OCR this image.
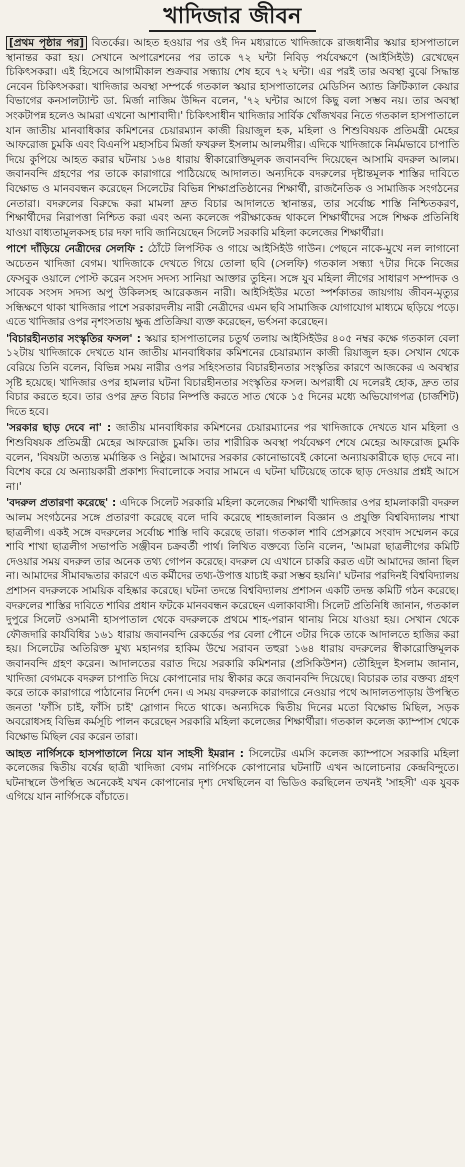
খাদিজার জীবন

[প্রথম পৃষ্ঠার পর] বিতর্কের। আহত হওয়ার পর ওই দিন মধ্যরাতে খাদিজাকে রাজধানীর স্কয়ার হাসপাতালে স্থানান্তর করা হয়। সেখানে অপারেশনের পর তাকে ৭২ ঘন্টা নিবিড় পর্যবেক্ষণে (আইসিইউ) রেখেছেন চিকিৎসকরা। এই হিসেবে আগামীকাল শুক্রবার সন্ধ্যায় শেষ হবে ৭২ ঘন্টা। এর পরই তার অবস্থা বুঝে সিদ্ধান্ত নেবেন চিকিৎসকরা। খাদিজার অবস্থা সম্পর্কে গতকাল স্কয়ার হাসপাতালের মেডিসিন অ্যান্ড ক্রিটিক্যাল কেয়ার বিভাগের কনসালট্যান্ট ডা. মির্জা নাজিম উদ্দিন বলেন, '৭২ ঘন্টার আগে কিছু বলা সম্ভব নয়। তার অবস্থা সংকটাপন্ন হলেও আমরা এখনো আশাবাদী।' চিকিৎসাধীন খাদিজার সার্বিক খোঁজখবর নিতে গতকাল হাসপাতালে যান জাতীয় মানবাধিকার কমিশনের চেয়ারম্যান কাজী রিয়াজুল হক, মহিলা ও শিশুবিষয়ক প্রতিমন্ত্রী মেহের আফরোজ চুমকি এবং বিএনপি মহাসচিব মির্জা ফখরুল ইসলাম আলমগীর। এদিকে খাদিজাকে নির্মমভাবে চাপাতি দিয়ে কুপিয়ে আহত করার ঘটনায় ১৬৪ ধারায় স্বীকারোক্তিমূলক জবানবন্দি দিয়েছেন আসামি বদরুল আলম। জবানবন্দি গ্রহণের পর তাকে কারাগারে পাঠিয়েছে আদালত। অন্যদিকে বদরুলের দৃষ্টান্তমূলক শাস্তির দাবিতে বিক্ষোভ ও মানববন্ধন করেছেন সিলেটের বিভিন্ন শিক্ষাপ্রতিষ্ঠানের শিক্ষার্থী, রাজনৈতিক ও সামাজিক সংগঠনের নেতারা। বদরুলের বিরুদ্ধে করা মামলা দ্রুত বিচার আদালতে স্থানান্তর, তার সর্বোচ্চ শাস্তি নিশ্চিতকরণ, শিক্ষার্থীদের নিরাপত্তা নিশ্চিত করা এবং অন্য কলেজে পরীক্ষাকেন্দ্র থাকলে শিক্ষার্থীদের সঙ্গে শিক্ষক প্রতিনিধি যাওয়া বাধ্যতামূলকসহ চার দফা দাবি জানিয়েছেন সিলেট সরকারি মহিলা কলেজের শিক্ষার্থীরা।

পাশে দাঁড়িয়ে নেত্রীদের সেলফি : ঠোঁটে লিপস্টিক ও গায়ে আইসিইউ গাউন। পেছনে নাকে-মুখে নল লাগানো অচেতন খাদিজা বেগম। খাদিজাকে দেখতে গিয়ে তোলা ছবি (সেলফি) গতকাল সন্ধ্যা ৭টার দিকে নিজের ফেসবুক ওয়ালে পোস্ট করেন সংসদ সদস্য সানিয়া আক্তার তুহিন। সঙ্গে যুব মহিলা লীগের সাধারণ সম্পাদক ও সাবেক সংসদ সদস্য অপু উকিলসহ আরেকজন নারী। আইসিইউর মতো স্পর্শকাতর জায়গায় জীবন-মৃত্যুর সন্ধিক্ষণে থাকা খাদিজার পাশে সরকারদলীয় নারী নেত্রীদের এমন ছবি সামাজিক যোগাযোগ মাধ্যমে ছড়িয়ে পড়ে। এতে খাদিজার ওপর নৃশংসতায় ক্ষুব্ধ প্রতিক্রিয়া ব্যক্ত করেছেন, ভর্ৎসনা করেছেন।

'বিচারহীনতার সংস্কৃতির ফসল' : স্কয়ার হাসপাতালের চতুর্থ তলায় আইসিইউর ৪০৫ নম্বর কক্ষে গতকাল বেলা ১২টায় খাদিজাকে দেখতে যান জাতীয় মানবাধিকার কমিশনের চেয়ারম্যান কাজী রিয়াজুল হক। সেখান থেকে বেরিয়ে তিনি বলেন, বিভিন্ন সময় নারীর ওপর সহিংসতার বিচারহীনতার সংস্কৃতির কারণে আজকের এ অবস্থার সৃষ্টি হয়েছে। খাদিজার ওপর হামলার ঘটনা বিচারহীনতার সংস্কৃতির ফসল। অপরাধী যে দলেরই হোক, দ্রুত তার বিচার করতে হবে। তার ওপর দ্রুত বিচার নিষ্পত্তি করতে সাত থেকে ১৫ দিনের মধ্যে অভিযোগপত্র (চার্জশিট) দিতে হবে।

'সরকার ছাড় দেবে না' : জাতীয় মানবাধিকার কমিশনের চেয়ারম্যানের পর খাদিজাকে দেখতে যান মহিলা ও শিশুবিষয়ক প্রতিমন্ত্রী মেহের আফরোজ চুমকি। তার শারীরিক অবস্থা পর্যবেক্ষণ শেষে মেহের আফরোজ চুমকি বলেন, 'বিষয়টা অত্যন্ত মর্মান্তিক ও নিষ্ঠুর। আমাদের সরকার কোনোভাবেই কোনো অন্যায়কারীকে ছাড় দেবে না। বিশেষ করে যে অন্যায়কারী প্রকাশ্য দিবালোকে সবার সামনে এ ঘটনা ঘটিয়েছে তাকে ছাড় দেওয়ার প্রশ্নই আসে না।'

'বদরুল প্রতারণা করেছে' : এদিকে সিলেট সরকারি মহিলা কলেজের শিক্ষার্থী খাদিজার ওপর হামলাকারী বদরুল আলম সংগঠনের সঙ্গে প্রতারণা করেছে বলে দাবি করেছে শাহজালাল বিজ্ঞান ও প্রযুক্তি বিশ্ববিদ্যালয় শাখা ছাত্রলীগ। একই সঙ্গে বদরুলের সর্বোচ্চ শাস্তি দাবি করেছে তারা। গতকাল শাবি প্রেসক্লাবে সংবাদ সম্মেলন করে শাবি শাখা ছাত্রলীগ সভাপতি সঞ্জীবন চক্রবর্তী পার্থ। লিখিত বক্তব্যে তিনি বলেন, 'আমরা ছাত্রলীগের কমিটি দেওয়ার সময় বদরুল তার অনেক তথ্য গোপন করেছে। বদরুল যে এখানে চাকরি করত এটা আমাদের জানা ছিল না। আমাদের সীমাবদ্ধতার কারণে এত কর্মীদের তথ্য-উপাত্ত যাচাই করা সম্ভব হয়নি।' ঘটনার পরদিনই বিশ্ববিদ্যালয় প্রশাসন বদরুলকে সাময়িক বহিষ্কার করেছে। ঘটনা তদন্তে বিশ্ববিদ্যালয় প্রশাসন একটি তদন্ত কমিটি গঠন করেছে। বদরুলের শাস্তির দাবিতে শাবির প্রধান ফটকে মানববন্ধন করেছেন এলাকাবাসী। সিলেট প্রতিনিধি জানান, গতকাল দুপুরে সিলেট ওসমানী হাসপাতাল থেকে বদরুলকে প্রথমে শাহ-পরান থানায় নিয়ে যাওয়া হয়। সেখান থেকে ফৌজদারি কার্যবিধির ১৬১ ধারায় জবানবন্দি রেকর্ডের পর বেলা পৌনে ৩টার দিকে তাকে আদালতে হাজির করা হয়। সিলেটের অতিরিক্ত মুখ্য মহানগর হাকিম উম্মে সরাবন তহুরা ১৬৪ ধারায় বদরুলের স্বীকারোক্তিমূলক জবানবন্দি গ্রহণ করেন। আদালতের বরাত দিয়ে সরকারি কমিশনার (প্রসিকিউশন) তৌহিদুল ইসলাম জানান, খাদিজা বেগমকে বদরুল চাপাতি দিয়ে কোপানোর দায় স্বীকার করে জবানবন্দি দিয়েছে। বিচারক তার বক্তব্য গ্রহণ করে তাকে কারাগারে পাঠানোর নির্দেশ দেন। এ সময় বদরুলকে কারাগারে নেওয়ার পথে আদালতপাড়ায় উপস্থিত জনতা 'ফাঁসি চাই, ফাঁসি চাই' স্লোগান দিতে থাকে। অন্যদিকে দ্বিতীয় দিনের মতো বিক্ষোভ মিছিল, সড়ক অবরোধসহ বিভিন্ন কর্মসূচি পালন করেছেন সরকারি মহিলা কলেজের শিক্ষার্থীরা। গতকাল কলেজ ক্যাম্পাস থেকে বিক্ষোভ মিছিল বের করেন তারা।

আহত নার্গিসকে হাসপাতালে নিয়ে যান সাহসী ইমরান : সিলেটের এমসি কলেজ ক্যাম্পাসে সরকারি মহিলা কলেজের দ্বিতীয় বর্ষের ছাত্রী খাদিজা বেগম নার্গিসকে কোপানোর ঘটনাটি এখন আলোচনার কেন্দ্রবিন্দুতে। ঘটনাস্থলে উপস্থিত অনেকেই যখন কোপানোর দৃশ্য দেখছিলেন বা ভিডিও করছিলেন তখনই 'সাহসী' এক যুবক এগিয়ে যান নার্গিসকে বাঁচাতে।
